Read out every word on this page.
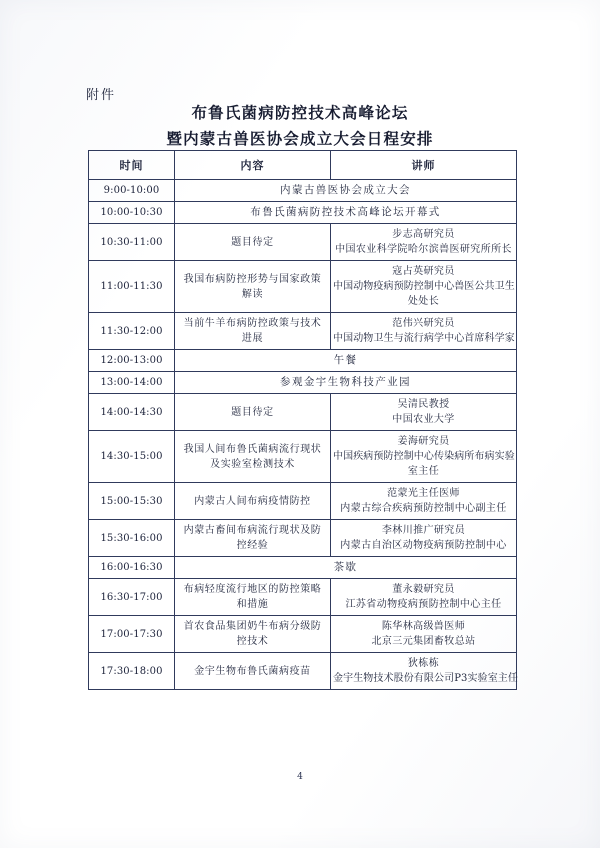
附件
布鲁氏菌病防控技术高峰论坛
暨内蒙古兽医协会成立大会日程安排
时间	内容	讲师
9:00-10:00	内蒙古兽医协会成立大会	
10:00-10:30	布鲁氏菌病防控技术高峰论坛开幕式	
10:30-11:00	题目待定	步志高研究员
中国农业科学院哈尔滨兽医研究所所长

11:00-11:30	我国布病防控形势与国家政策
解读	寇占英研究员
中国动物疫病预防控制中心兽医公共卫生
处处长

11:30-12:00	当前牛羊布病防控政策与技术
进展	范伟兴研究员
中国动物卫生与流行病学中心首席科学家

12:00-13:00	午餐	
13:00-14:00	参观金宇生物科技产业园	
14:00-14:30	题目待定	吴清民教授
中国农业大学

14:30-15:00	我国人间布鲁氏菌病流行现状
及实验室检测技术	姜海研究员
中国疾病预防控制中心传染病所布病实验
室主任

15:00-15:30	内蒙古人间布病疫情防控	范蒙光主任医师
内蒙古综合疾病预防控制中心副主任

15:30-16:00	内蒙古畜间布病流行现状及防
控经验	李林川推广研究员
内蒙古自治区动物疫病预防控制中心

16:00-16:30	茶歇	
16:30-17:00	布病轻度流行地区的防控策略
和措施	董永毅研究员
江苏省动物疫病预防控制中心主任

17:00-17:30	首农食品集团奶牛布病分级防
控技术	陈华林高级兽医师
北京三元集团畜牧总站

17:30-18:00	金宇生物布鲁氏菌病疫苗	狄栋栋
金宇生物技术股份有限公司P3实验室主任
4
